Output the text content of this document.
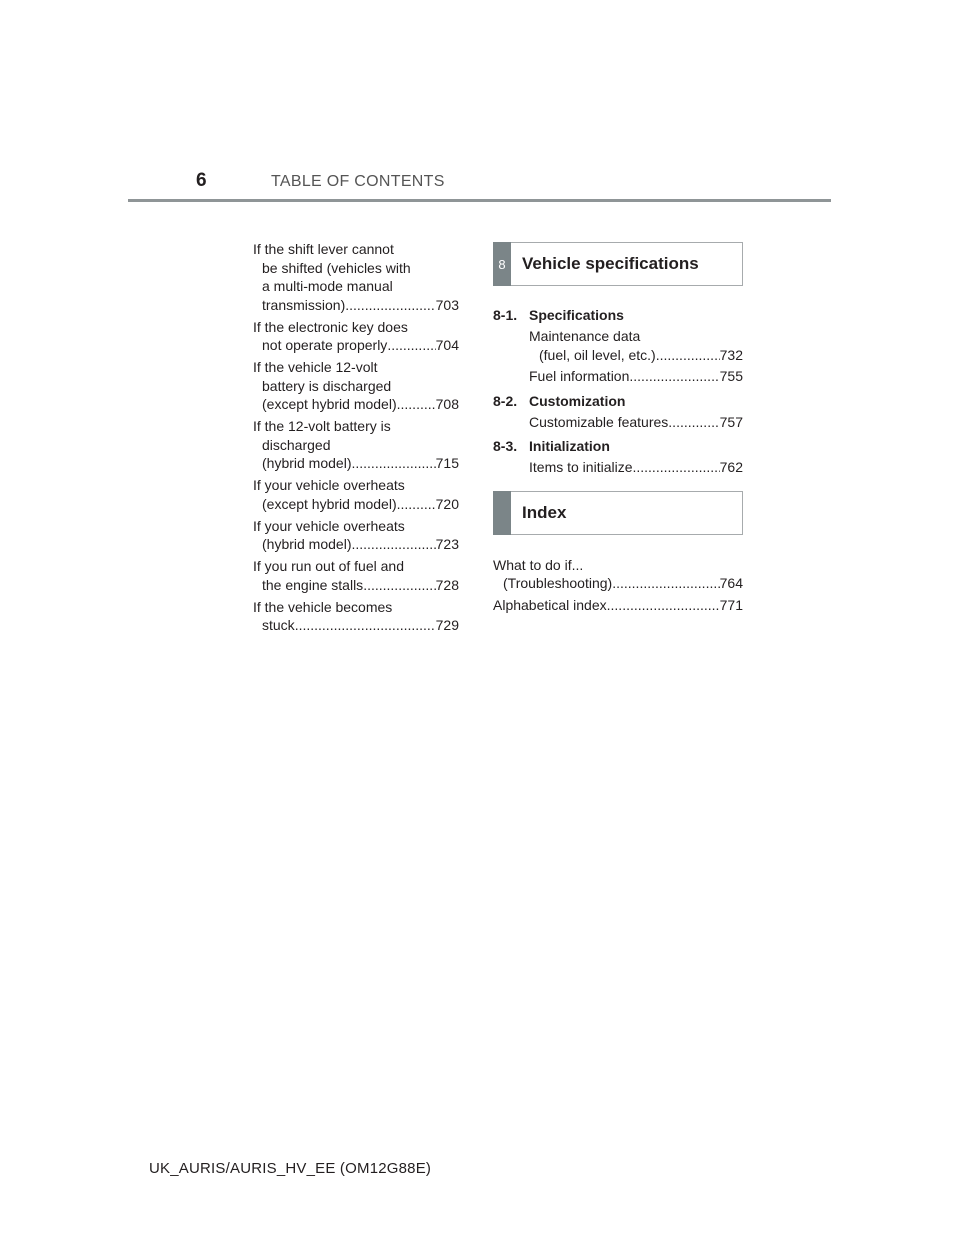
6	TABLE OF CONTENTS
If the shift lever cannot
be shifted (vehicles with
a multi-mode manual
transmission) .....	703
If the electronic key does
not operate properly .....	704
If the vehicle 12-volt
battery is discharged
(except hybrid model) .....	708
If the 12-volt battery is
discharged
(hybrid model) .....	715
If your vehicle overheats
(except hybrid model) .....	720
If your vehicle overheats
(hybrid model) .....	723
If you run out of fuel and
the engine stalls .....	728
If the vehicle becomes
stuck .....	729
8 Vehicle specifications
8-1. Specifications
Maintenance data
(fuel, oil level, etc.) .....	732
Fuel information .....	755
8-2. Customization
Customizable features .....	757
8-3. Initialization
Items to initialize .....	762
Index
What to do if...
(Troubleshooting) .....	764
Alphabetical index .....	771
UK_AURIS/AURIS_HV_EE (OM12G88E)
